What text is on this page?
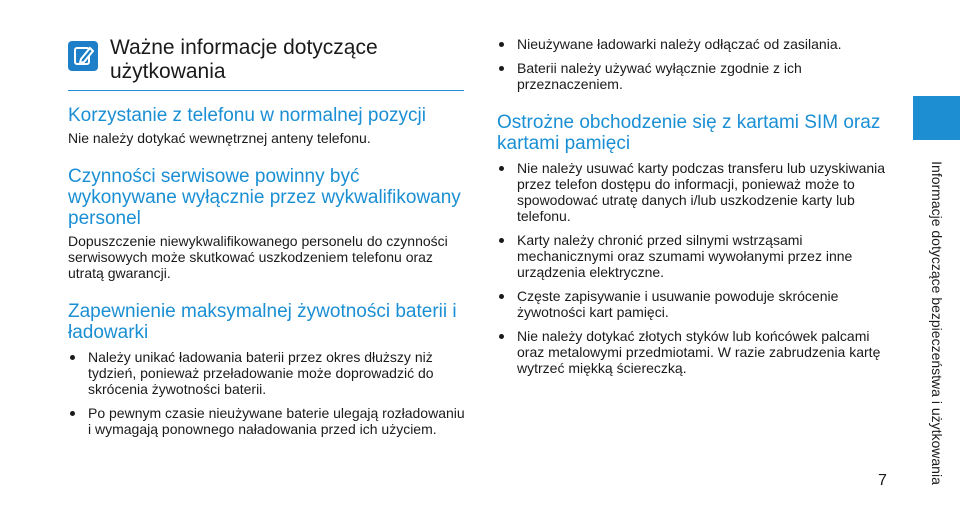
Ważne informacje dotyczące użytkowania
Korzystanie z telefonu w normalnej pozycji

Nie należy dotykać wewnętrznej anteny telefonu.

Czynności serwisowe powinny być wykonywane wyłącznie przez wykwalifikowany personel

Dopuszczenie niewykwalifikowanego personelu do czynności serwisowych może skutkować uszkodzeniem telefonu oraz utratą gwarancji.

Zapewnienie maksymalnej żywotności baterii i ładowarki
Należy unikać ładowania baterii przez okres dłuższy niż tydzień, ponieważ przeładowanie może doprowadzić do skrócenia żywotności baterii.
Po pewnym czasie nieużywane baterie ulegają rozładowaniu i wymagają ponownego naładowania przed ich użyciem.
Nieużywane ładowarki należy odłączać od zasilania.
Baterii należy używać wyłącznie zgodnie z ich przeznaczeniem.
Ostrożne obchodzenie się z kartami SIM oraz kartami pamięci
Nie należy usuwać karty podczas transferu lub uzyskiwania przez telefon dostępu do informacji, ponieważ może to spowodować utratę danych i/lub uszkodzenie karty lub telefonu.
Karty należy chronić przed silnymi wstrząsami mechanicznymi oraz szumami wywołanymi przez inne urządzenia elektryczne.
Częste zapisywanie i usuwanie powoduje skrócenie żywotności kart pamięci.
Nie należy dotykać złotych styków lub końcówek palcami oraz metalowymi przedmiotami. W razie zabrudzenia kartę wytrzeć miękką ściereczką.	Informacje dotyczące bezpieczeństwa i użytkowania
7
